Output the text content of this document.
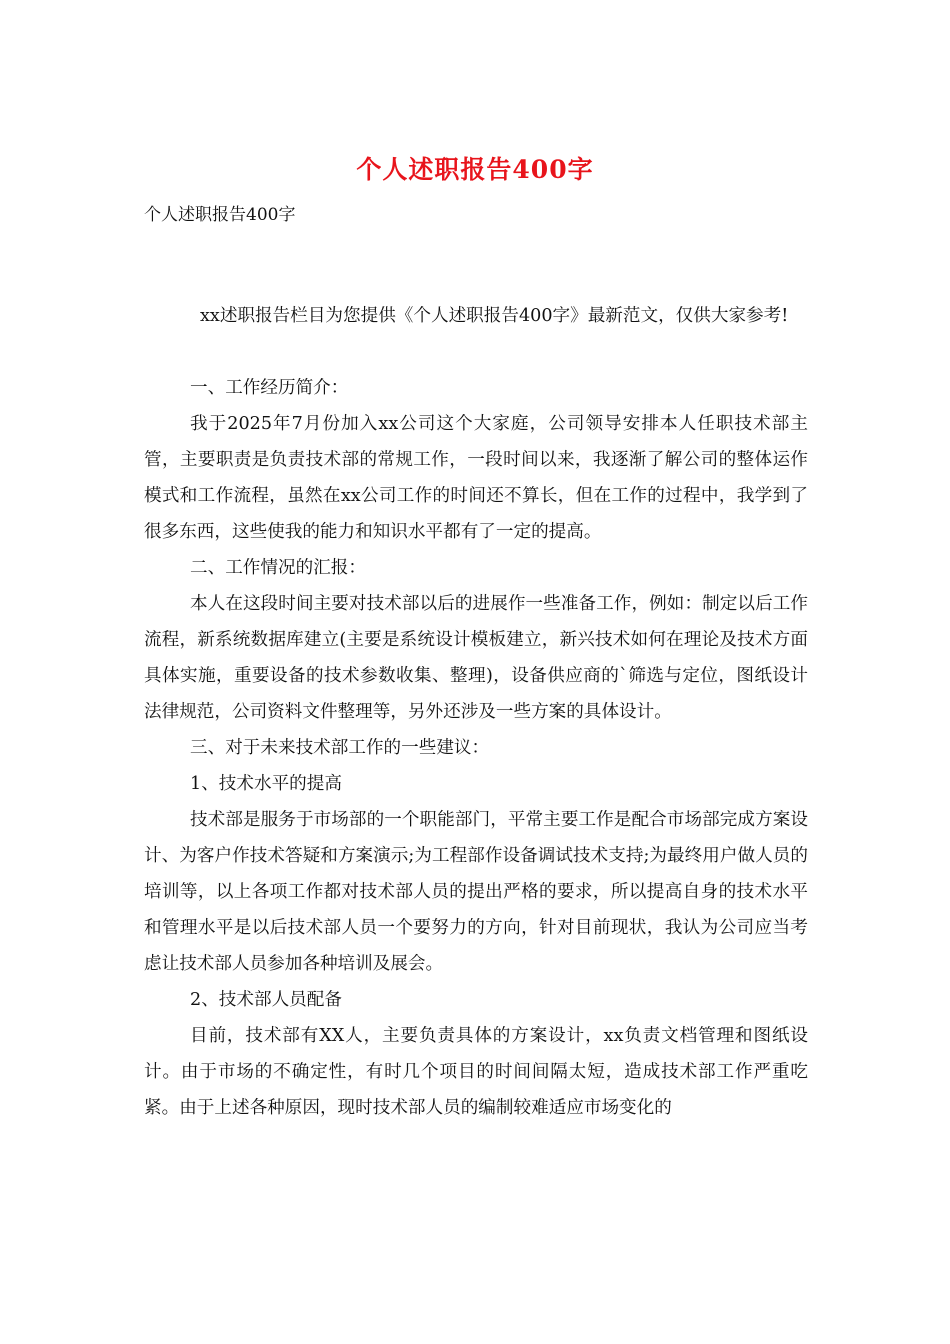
个人述职报告400字
个人述职报告400字

xx述职报告栏目为您提供《个人述职报告400字》最新范文，仅供大家参考!

一、工作经历简介：

我于2025年7月份加入xx公司这个大家庭，公司领导安排本人任职技术部主管，主要职责是负责技术部的常规工作，一段时间以来，我逐渐了解公司的整体运作模式和工作流程，虽然在xx公司工作的时间还不算长，但在工作的过程中，我学到了很多东西，这些使我的能力和知识水平都有了一定的提高。

二、工作情况的汇报：

本人在这段时间主要对技术部以后的进展作一些准备工作，例如：制定以后工作流程，新系统数据库建立(主要是系统设计模板建立，新兴技术如何在理论及技术方面具体实施，重要设备的技术参数收集、整理)，设备供应商的`筛选与定位，图纸设计法律规范，公司资料文件整理等，另外还涉及一些方案的具体设计。

三、对于未来技术部工作的一些建议：

1、技术水平的提高

技术部是服务于市场部的一个职能部门，平常主要工作是配合市场部完成方案设计、为客户作技术答疑和方案演示;为工程部作设备调试技术支持;为最终用户做人员的培训等，以上各项工作都对技术部人员的提出严格的要求，所以提高自身的技术水平和管理水平是以后技术部人员一个要努力的方向，针对目前现状，我认为公司应当考虑让技术部人员参加各种培训及展会。

2、技术部人员配备

目前，技术部有XX人，主要负责具体的方案设计，xx负责文档管理和图纸设计。由于市场的不确定性，有时几个项目的时间间隔太短，造成技术部工作严重吃紧。由于上述各种原因，现时技术部人员的编制较难适应市场变化的
